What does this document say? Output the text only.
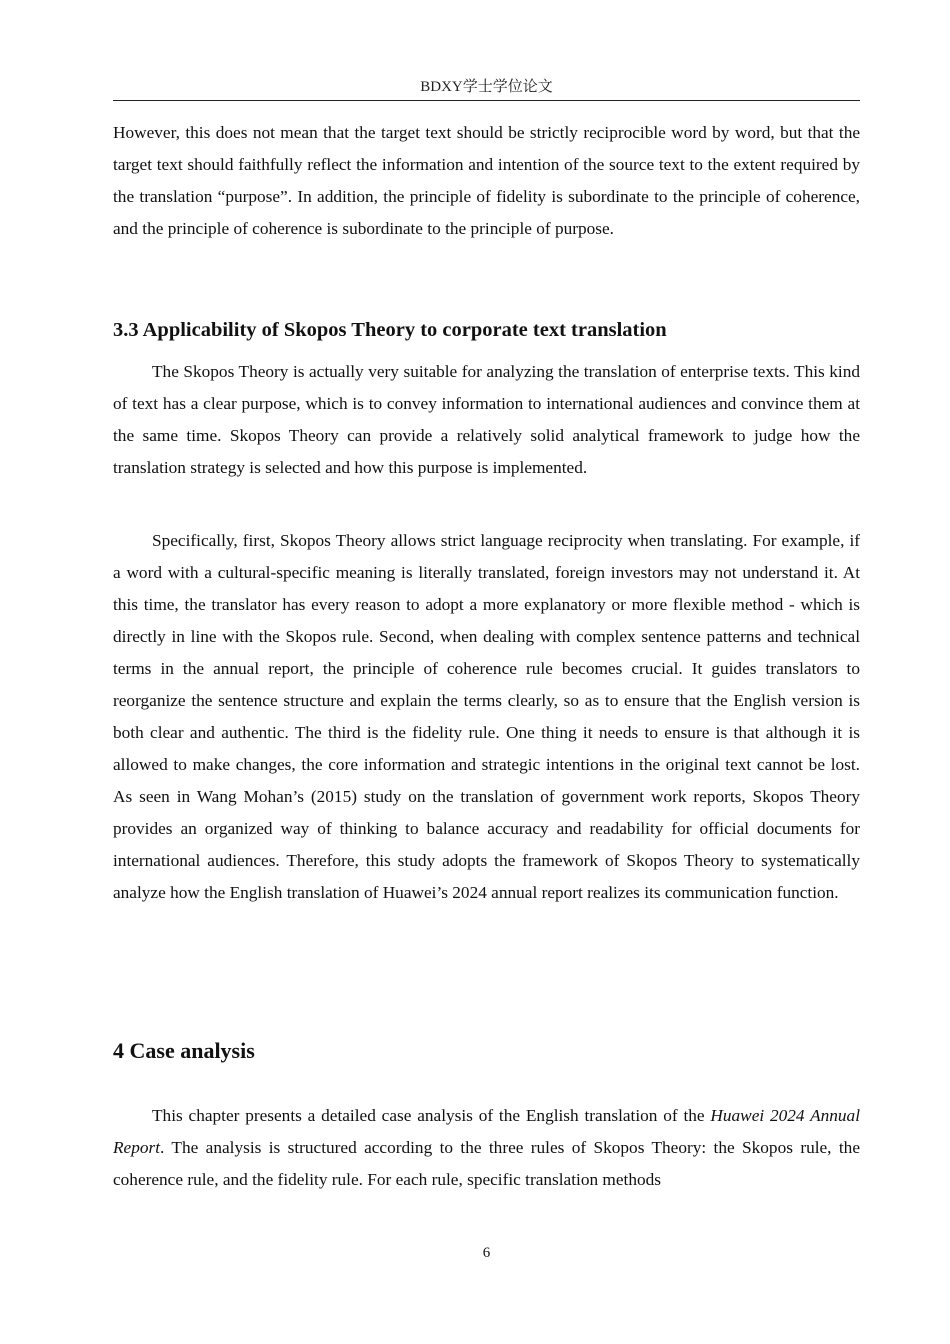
BDXY学士学位论文

However, this does not mean that the target text should be strictly reciprocible word by word, but that the target text should faithfully reflect the information and intention of the source text to the extent required by the translation “purpose”. In addition, the principle of fidelity is subordinate to the principle of coherence, and the principle of coherence is subordinate to the principle of purpose.

3.3 Applicability of Skopos Theory to corporate text translation

The Skopos Theory is actually very suitable for analyzing the translation of enterprise texts. This kind of text has a clear purpose, which is to convey information to international audiences and convince them at the same time. Skopos Theory can provide a relatively solid analytical framework to judge how the translation strategy is selected and how this purpose is implemented.

Specifically, first, Skopos Theory allows strict language reciprocity when translating. For example, if a word with a cultural-specific meaning is literally translated, foreign investors may not understand it. At this time, the translator has every reason to adopt a more explanatory or more flexible method - which is directly in line with the Skopos rule. Second, when dealing with complex sentence patterns and technical terms in the annual report, the principle of coherence rule becomes crucial. It guides translators to reorganize the sentence structure and explain the terms clearly, so as to ensure that the English version is both clear and authentic. The third is the fidelity rule. One thing it needs to ensure is that although it is allowed to make changes, the core information and strategic intentions in the original text cannot be lost. As seen in Wang Mohan’s (2015) study on the translation of government work reports, Skopos Theory provides an organized way of thinking to balance accuracy and readability for official documents for international audiences. Therefore, this study adopts the framework of Skopos Theory to systematically analyze how the English translation of Huawei’s 2024 annual report realizes its communication function.

4 Case analysis

This chapter presents a detailed case analysis of the English translation of the Huawei 2024 Annual Report. The analysis is structured according to the three rules of Skopos Theory: the Skopos rule, the coherence rule, and the fidelity rule. For each rule, specific translation methods

6
